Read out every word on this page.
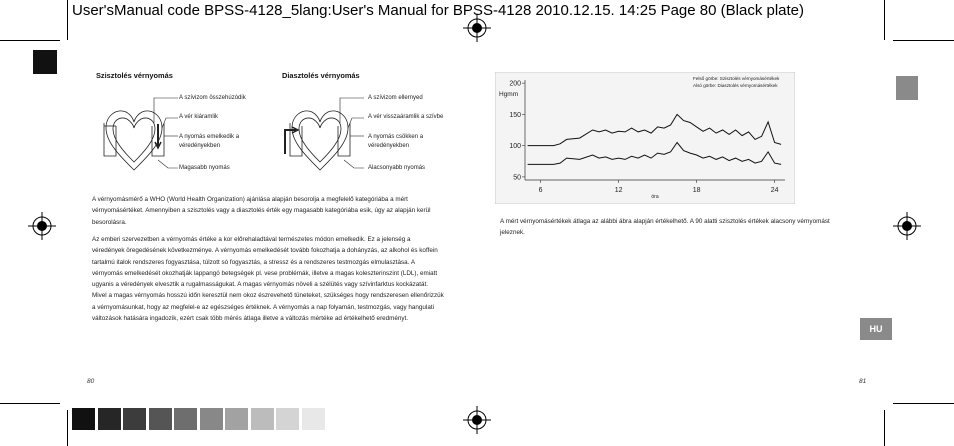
User'sManual code BPSS-4128_5lang:User's Manual for BPSS-4128 2010.12.15. 14:25 Page 80 (Black plate)
HU
Szisztolés vérnyomás
A szívizom összehúzódik
A vér kiáramlik
A nyomás emelkedik a
véredényekben
Magasabb nyomás
Diasztolés vérnyomás
A szívizom ellernyed
A vér visszaáramlik a szívbe
A nyomás csökken a
véredényekben
Alacsonyabb nyomás
A vérnyomásmérő a WHO (World Health Organization) ajánlása alapján besorolja a megfelelő kategóriába a mért
vérnyomásértéket. Amennyiben a szisztolés vagy a diasztolés érték egy magasabb kategóriába esik, úgy az alapján kerül
besorolásra.
Az emberi szervezetben a vérnyomás értéke a kor előrehaladtával természetes módon emelkedik. Ez a jelenség a
véredények öregedésének következménye. A vérnyomás emelkedését tovább fokozhatja a dohányzás, az alkohol és koffein
tartalmú italok rendszeres fogyasztása, túlzott só fogyasztás, a stressz és a rendszeres testmozgás elmulasztása. A
vérnyomás emelkedését okozhatják lappangó betegségek pl. vese problémák, illetve a magas koleszterinszint (LDL), emiatt
ugyanis a véredények elvesztik a rugalmasságukat. A magas vérnyomás növeli a szélütés vagy szívinfarktus kockázatát.
Mivel a magas vérnyomás hosszú időn keresztül nem okoz észrevehető tüneteket, szükséges hogy rendszeresen ellenőrizzük
a vérnyomásunkat, hogy az megfelel-e az egészséges értéknek. A vérnyomás a nap folyamán, testmozgás, vagy hangulati
változások hatására ingadozik, ezért csak több mérés átlaga illetve a változás mértéke ad értékelhető eredményt.
200
150
100
50
6	12	18	24
Hgmm
óra
Felső görbe: Szisztolés vérnyomásértékek
Alsó görbe: Diasztolés vérnyomásértékek
A mért vérnyomásértékek átlaga az alábbi ábra alapján értékelhető. A 90 alatti szisztolés értékek alacsony vérnyomást
jeleznek.
80	81
